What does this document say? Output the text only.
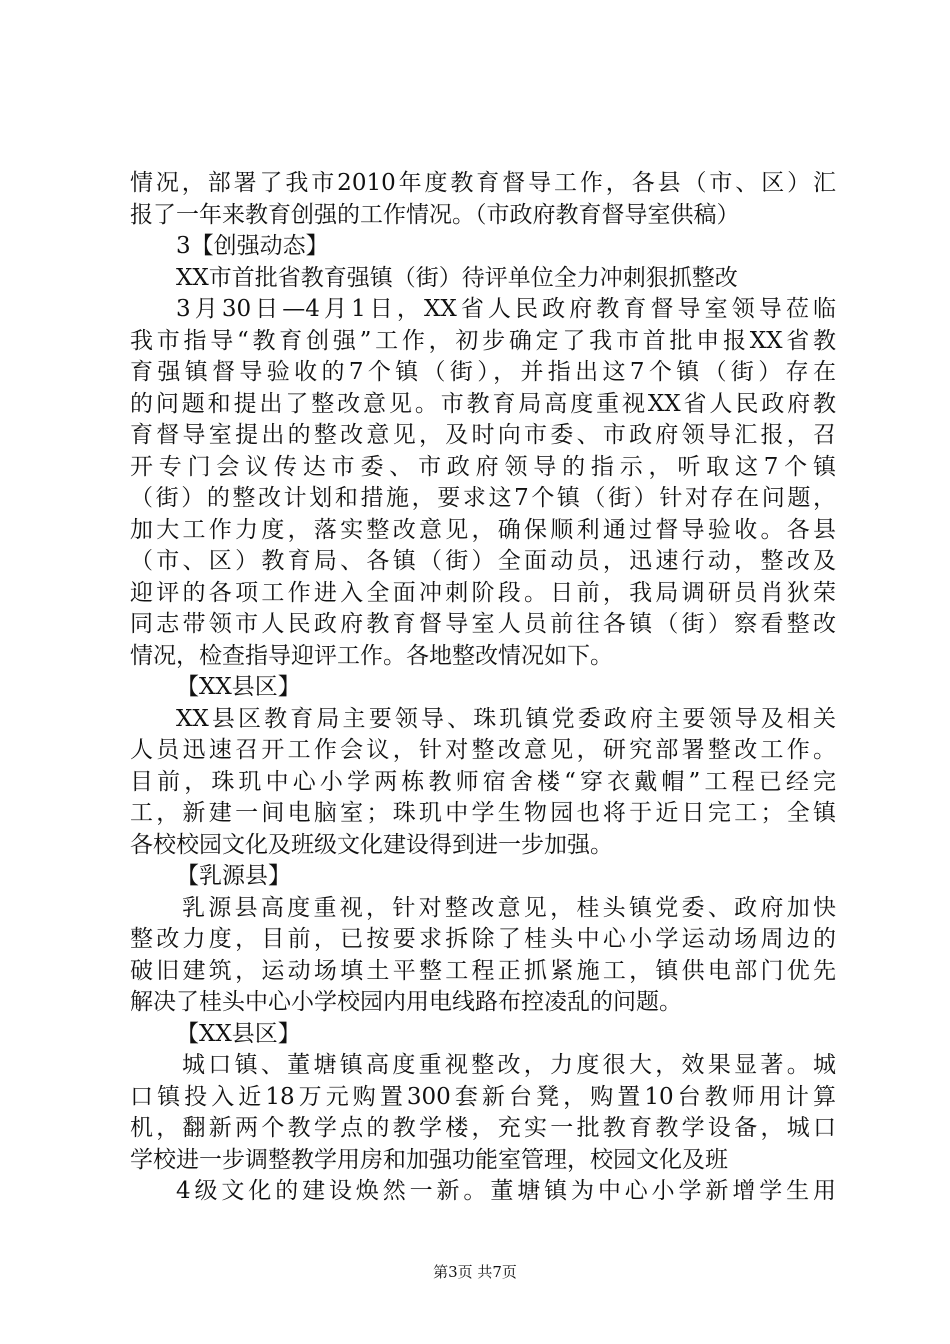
情况，部署了我市2010年度教育督导工作，各县（市、区）汇
报了一年来教育创强的工作情况。（市政府教育督导室供稿）
3【创强动态】
XX市首批省教育强镇（街）待评单位全力冲刺狠抓整改
3月30日—4月1日，XX省人民政府教育督导室领导莅临
我市指导“教育创强”工作，初步确定了我市首批申报XX省教
育强镇督导验收的7个镇（街），并指出这7个镇（街）存在
的问题和提出了整改意见。市教育局高度重视XX省人民政府教
育督导室提出的整改意见，及时向市委、市政府领导汇报，召
开专门会议传达市委、市政府领导的指示，听取这7个镇
（街）的整改计划和措施，要求这7个镇（街）针对存在问题，
加大工作力度，落实整改意见，确保顺利通过督导验收。各县
（市、区）教育局、各镇（街）全面动员，迅速行动，整改及
迎评的各项工作进入全面冲刺阶段。日前，我局调研员肖狄荣
同志带领市人民政府教育督导室人员前往各镇（街）察看整改
情况，检查指导迎评工作。各地整改情况如下。
【XX县区】
XX县区教育局主要领导、珠玑镇党委政府主要领导及相关
人员迅速召开工作会议，针对整改意见，研究部署整改工作。
目前，珠玑中心小学两栋教师宿舍楼“穿衣戴帽”工程已经完
工，新建一间电脑室；珠玑中学生物园也将于近日完工；全镇
各校校园文化及班级文化建设得到进一步加强。
【乳源县】
乳源县高度重视，针对整改意见，桂头镇党委、政府加快
整改力度，目前，已按要求拆除了桂头中心小学运动场周边的
破旧建筑，运动场填土平整工程正抓紧施工，镇供电部门优先
解决了桂头中心小学校园内用电线路布控凌乱的问题。
【XX县区】
城口镇、董塘镇高度重视整改，力度很大，效果显著。城
口镇投入近18万元购置300套新台凳，购置10台教师用计算
机，翻新两个教学点的教学楼，充实一批教育教学设备，城口
学校进一步调整教学用房和加强功能室管理，校园文化及班
4级文化的建设焕然一新。董塘镇为中心小学新增学生用
第3页 共7页
